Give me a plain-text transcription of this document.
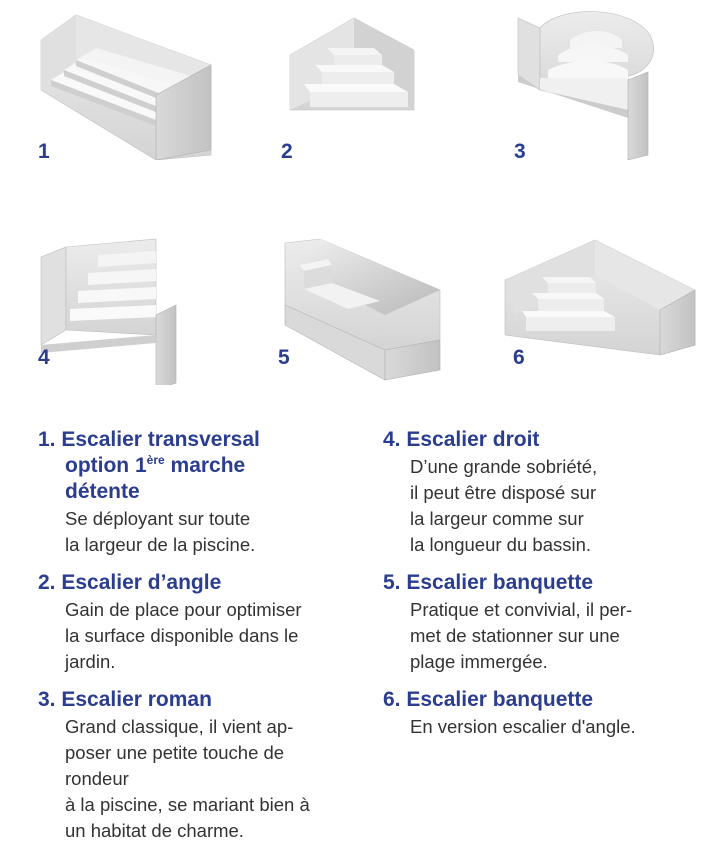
1	2	3
4	5	6
1. Escalier transversal
option 1ère marche
détente
Se déployant sur toute
la largeur de la piscine.
2. Escalier d’angle
Gain de place pour optimiser
la surface disponible dans le
jardin.
3. Escalier roman
Grand classique, il vient ap-
poser une petite touche de
rondeur
à la piscine, se mariant bien à
un habitat de charme.
4. Escalier droit
D’une grande sobriété,
il peut être disposé sur
la largeur comme sur
la longueur du bassin.
5. Escalier banquette
Pratique et convivial, il per-
met de stationner sur une
plage immergée.
6. Escalier banquette
En version escalier d'angle.
